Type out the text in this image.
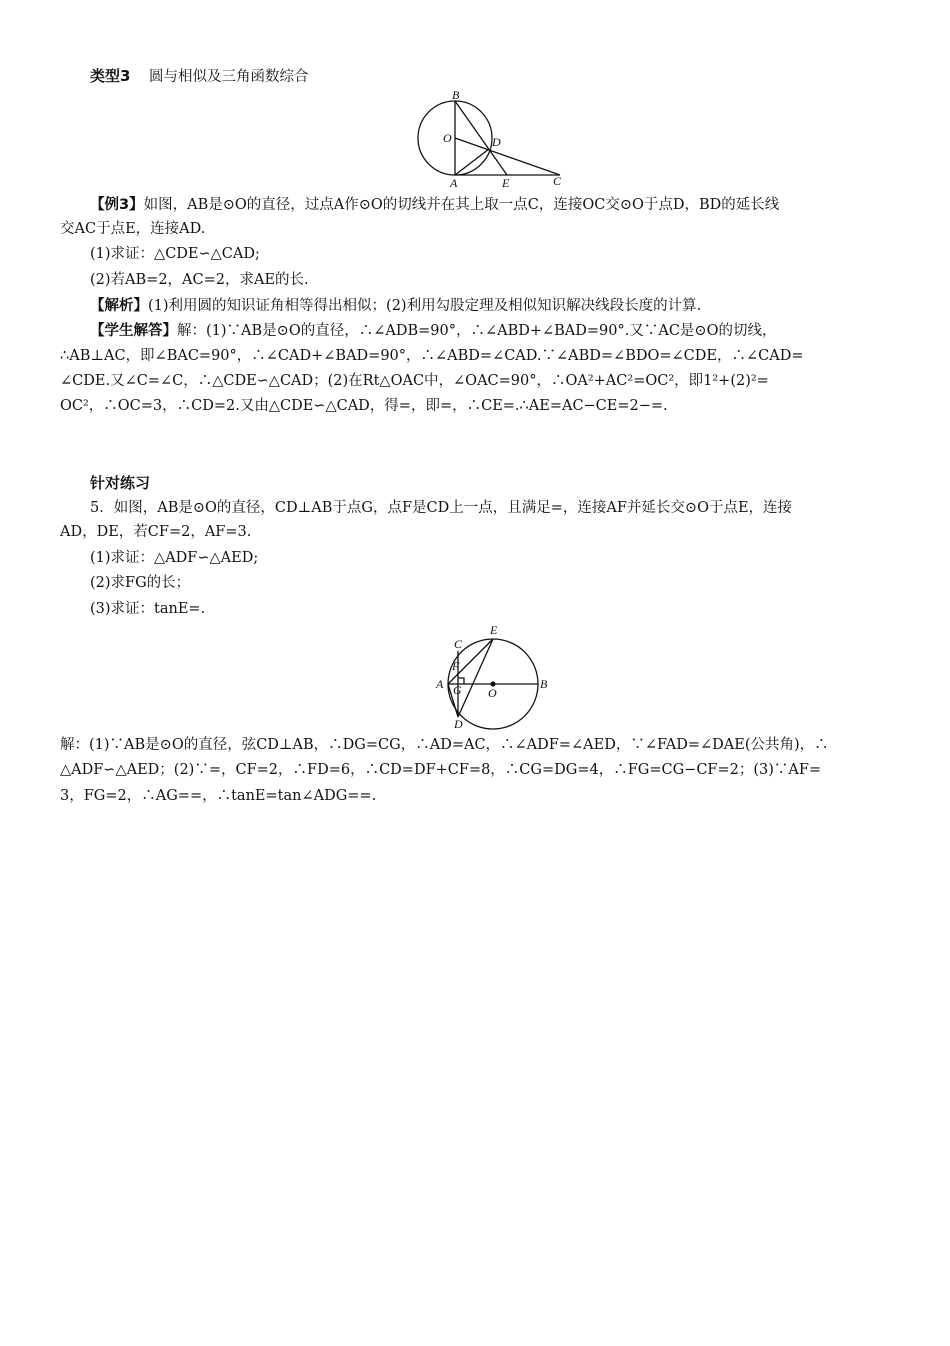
类型3 圆与相似及三角函数综合
B
O	D
A	E	C
【例3】如图，AB是⊙O的直径，过点A作⊙O的切线并在其上取一点C，连接OC交⊙O于点D，BD的延长线
交AC于点E，连接AD.
(1)求证：△CDE∽△CAD;
(2)若AB=2，AC=2，求AE的长.
【解析】(1)利用圆的知识证角相等得出相似；(2)利用勾股定理及相似知识解决线段长度的计算.
【学生解答】解：(1)∵AB是⊙O的直径，∴∠ADB=90°，∴∠ABD+∠BAD=90°.又∵AC是⊙O的切线，
∴AB⊥AC，即∠BAC=90°，∴∠CAD+∠BAD=90°，∴∠ABD=∠CAD.∵∠ABD=∠BDO=∠CDE，∴∠CAD=
∠CDE.又∠C=∠C，∴△CDE∽△CAD；(2)在Rt△OAC中，∠OAC=90°，∴OA²+AC²=OC²，即1²+(2)²=
OC²，∴OC=3，∴CD=2.又由△CDE∽△CAD，得=，即=，∴CE=.∴AE=AC−CE=2−=.
针对练习
5．如图，AB是⊙O的直径，CD⊥AB于点G，点F是CD上一点，且满足=，连接AF并延长交⊙O于点E，连接
AD，DE，若CF=2，AF=3.
(1)求证：△ADF∽△AED;
(2)求FG的长；
(3)求证：tanE=.
C
E
F
A G O
B
D
解：(1)∵AB是⊙O的直径，弦CD⊥AB，∴DG=CG，∴AD=AC，∴∠ADF=∠AED，∵∠FAD=∠DAE(公共角)，∴
△ADF∽△AED；(2)∵=，CF=2，∴FD=6，∴CD=DF+CF=8，∴CG=DG=4，∴FG=CG−CF=2；(3)∵AF=
3，FG=2，∴AG==，∴tanE=tan∠ADG==.
